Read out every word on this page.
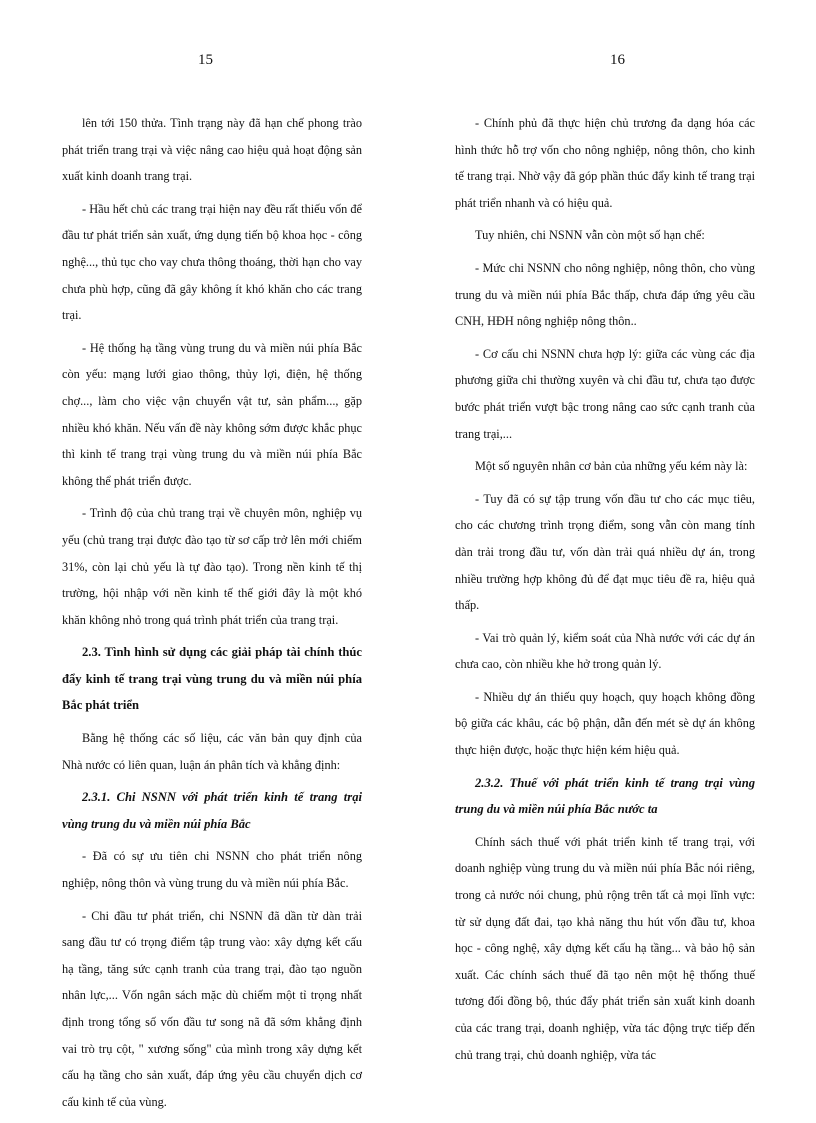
15	16

lên tới 150 thửa. Tình trạng này đã hạn chế phong trào phát triển trang trại và việc nâng cao hiệu quả hoạt động sản xuất kinh doanh trang trại.

- Hầu hết chủ các trang trại hiện nay đều rất thiếu vốn để đầu tư phát triển sản xuất, ứng dụng tiến bộ khoa học - công nghệ..., thủ tục cho vay chưa thông thoáng, thời hạn cho vay chưa phù hợp, cũng đã gây không ít khó khăn cho các trang trại.

- Hệ thống hạ tầng vùng trung du và miền núi phía Bắc còn yếu: mạng lưới giao thông, thủy lợi, điện, hệ thống chợ..., làm cho việc vận chuyển vật tư, sản phẩm..., gặp nhiều khó khăn. Nếu vấn đề này không sớm được khắc phục thì kinh tế trang trại vùng trung du và miền núi phía Bắc không thể phát triển được.

- Trình độ của chủ trang trại về chuyên môn, nghiệp vụ yếu (chủ trang trại được đào tạo từ sơ cấp trở lên mới chiếm 31%, còn lại chủ yếu là tự đào tạo). Trong nền kinh tế thị trường, hội nhập với nền kinh tế thế giới đây là một khó khăn không nhỏ trong quá trình phát triển của trang trại.

2.3. Tình hình sử dụng các giải pháp tài chính thúc đẩy kinh tế trang trại vùng trung du và miền núi phía Bắc phát triển

Bằng hệ thống các số liệu, các văn bản quy định của Nhà nước có liên quan, luận án phân tích và khẳng định:

2.3.1. Chi NSNN với phát triển kinh tế trang trại vùng trung du và miền núi phía Bắc

- Đã có sự ưu tiên chi NSNN cho phát triển nông nghiệp, nông thôn và vùng trung du và miền núi phía Bắc.

- Chi đầu tư phát triển, chi NSNN đã dần từ dàn trải sang đầu tư có trọng điểm tập trung vào: xây dựng kết cấu hạ tầng, tăng sức cạnh tranh của trang trại, đào tạo nguồn nhân lực,... Vốn ngân sách mặc dù chiếm một tỉ trọng nhất định trong tổng số vốn đầu tư song nã đã sớm khẳng định vai trò trụ cột, " xương sống" của mình trong xây dựng kết cấu hạ tầng cho sản xuất, đáp ứng yêu cầu chuyển dịch cơ cấu kinh tế của vùng.

- Chính phủ đã thực hiện chủ trương đa dạng hóa các hình thức hỗ trợ vốn cho nông nghiệp, nông thôn, cho kinh tế trang trại. Nhờ vậy đã góp phần thúc đẩy kinh tế trang trại phát triển nhanh và có hiệu quả.

Tuy nhiên, chi NSNN vẫn còn một số hạn chế:

- Mức chi NSNN cho nông nghiệp, nông thôn, cho vùng trung du và miền núi phía Bắc thấp, chưa đáp ứng yêu cầu CNH, HĐH nông nghiệp nông thôn..

- Cơ cấu chi NSNN chưa hợp lý: giữa các vùng các địa phương giữa chi thường xuyên và chi đầu tư, chưa tạo được bước phát triển vượt bậc trong nâng cao sức cạnh tranh của trang trại,...

Một số nguyên nhân cơ bản của những yếu kém này là:

- Tuy đã có sự tập trung vốn đầu tư cho các mục tiêu, cho các chương trình trọng điểm, song vẫn còn mang tính dàn trải trong đầu tư, vốn dàn trải quá nhiều dự án, trong nhiều trường hợp không đủ để đạt mục tiêu đề ra, hiệu quả thấp.

- Vai trò quản lý, kiểm soát của Nhà nước với các dự án chưa cao, còn nhiều khe hở trong quản lý.

- Nhiều dự án thiếu quy hoạch, quy hoạch không đồng bộ giữa các khâu, các bộ phận, dẫn đến mét sè dự án không thực hiện được, hoặc thực hiện kém hiệu quả.

2.3.2. Thuế với phát triển kinh tế trang trại vùng trung du và miền núi phía Bắc nước ta

Chính sách thuế với phát triển kinh tế trang trại, với doanh nghiệp vùng trung du và miền núi phía Bắc nói riêng, trong cả nước nói chung, phủ rộng trên tất cả mọi lĩnh vực: từ sử dụng đất đai, tạo khả năng thu hút vốn đầu tư, khoa học - công nghệ, xây dựng kết cấu hạ tầng... và bảo hộ sản xuất. Các chính sách thuế đã tạo nên một hệ thống thuế tương đối đồng bộ, thúc đẩy phát triển sản xuất kinh doanh của các trang trại, doanh nghiệp, vừa tác động trực tiếp đến chủ trang trại, chủ doanh nghiệp, vừa tác
